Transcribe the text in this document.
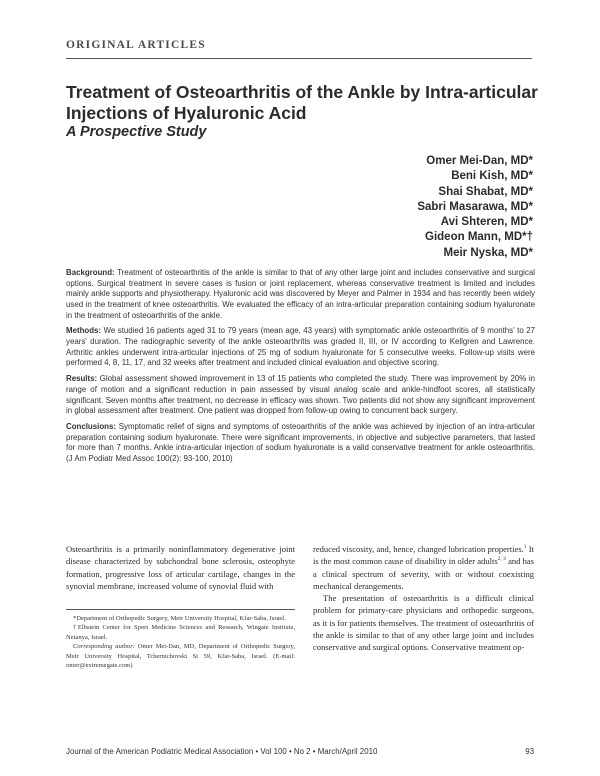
ORIGINAL ARTICLES
Treatment of Osteoarthritis of the Ankle by Intra-articular Injections of Hyaluronic Acid
A Prospective Study
Omer Mei-Dan, MD*
Beni Kish, MD*
Shai Shabat, MD*
Sabri Masarawa, MD*
Avi Shteren, MD*
Gideon Mann, MD*†
Meir Nyska, MD*

Background: Treatment of osteoarthritis of the ankle is similar to that of any other large joint and includes conservative and surgical options. Surgical treatment in severe cases is fusion or joint replacement, whereas conservative treatment is limited and includes mainly ankle supports and physiotherapy. Hyaluronic acid was discovered by Meyer and Palmer in 1934 and has recently been widely used in the treatment of knee osteoarthritis. We evaluated the efficacy of an intra-articular preparation containing sodium hyaluronate in the treatment of osteoarthritis of the ankle.

Methods: We studied 16 patients aged 31 to 79 years (mean age, 43 years) with symptomatic ankle osteoarthritis of 9 months' to 27 years' duration. The radiographic severity of the ankle osteoarthritis was graded II, III, or IV according to Kellgren and Lawrence. Arthritic ankles underwent intra-articular injections of 25 mg of sodium hyaluronate for 5 consecutive weeks. Follow-up visits were performed 4, 8, 11, 17, and 32 weeks after treatment and included clinical evaluation and objective scoring.

Results: Global assessment showed improvement in 13 of 15 patients who completed the study. There was improvement by 20% in range of motion and a significant reduction in pain assessed by visual analog scale and ankle-hindfoot scores, all statistically significant. Seven months after treatment, no decrease in efficacy was shown. Two patients did not show any significant improvement in global assessment after treatment. One patient was dropped from follow-up owing to concurrent back surgery.

Conclusions: Symptomatic relief of signs and symptoms of osteoarthritis of the ankle was achieved by injection of an intra-articular preparation containing sodium hyaluronate. There were significant improvements, in objective and subjective parameters, that lasted for more than 7 months. Ankle intra-articular injection of sodium hyaluronate is a valid conservative treatment for ankle osteoarthritis. (J Am Podiatr Med Assoc 100(2): 93-100, 2010)

Osteoarthritis is a primarily noninflammatory degenerative joint disease characterized by subchondral bone sclerosis, osteophyte formation, progressive loss of articular cartilage, changes in the synovial membrane, increased volume of synovial fluid with

*Department of Orthopedic Surgery, Meir University Hospital, Kfar-Saba, Israel.

†Elbstein Center for Sport Medicine Sciences and Research, Wingate Institute, Netanya, Israel.

Corresponding author: Omer Mei-Dan, MD, Department of Orthopedic Surgery, Meir University Hospital, Tchernichovski St 59, Kfar-Saba, Israel. (E-mail: omer@extremegate.com)

reduced viscosity, and, hence, changed lubrication properties.$^1$ It is the most common cause of disability in older adults$^{2, 3}$ and has a clinical spectrum of severity, with or without coexisting mechanical derangements.

The presentation of osteoarthritis is a difficult clinical problem for primary-care physicians and orthopedic surgeons, as it is for patients themselves. The treatment of osteoarthritis of the ankle is similar to that of any other large joint and includes conservative and surgical options. Conservative treatment op-

Journal of the American Podiatric Medical Association • Vol 100 • No 2 • March/April 2010	93
